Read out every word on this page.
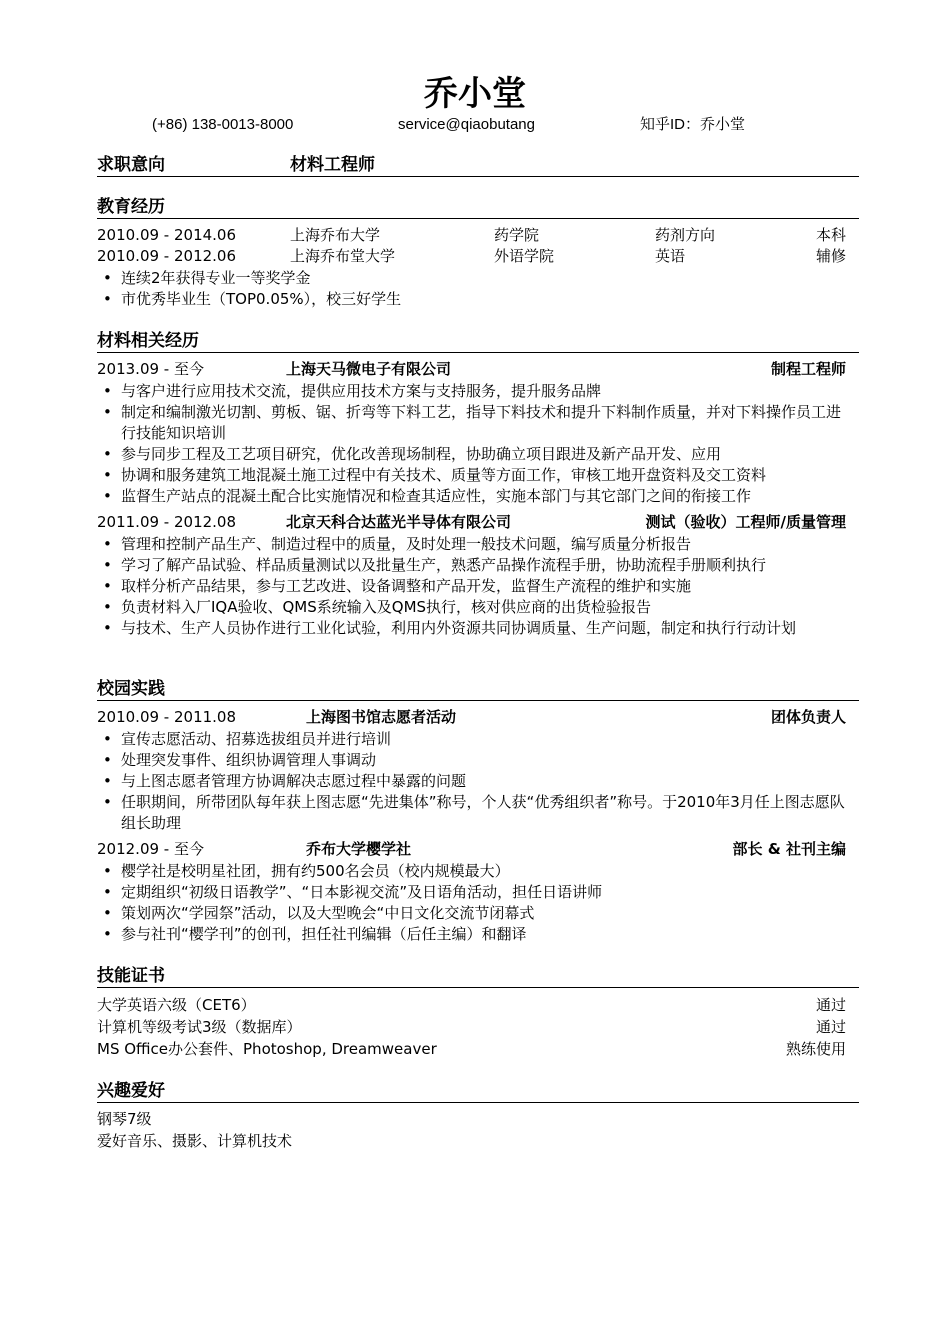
乔小堂
(+86) 138-0013-8000	service@qiaobutang	知乎ID：乔小堂
求职意向	材料工程师
教育经历
2010.09 - 2014.06	上海乔布大学	药学院	药剂方向	本科
2010.09 - 2012.06	上海乔布堂大学	外语学院	英语	辅修
• 连续2年获得专业一等奖学金
• 市优秀毕业生（TOP0.05%），校三好学生
材料相关经历
2013.09 - 至今	上海天马微电子有限公司	制程工程师
• 与客户进行应用技术交流，提供应用技术方案与支持服务，提升服务品牌
• 制定和编制激光切割、剪板、锯、折弯等下料工艺，指导下料技术和提升下料制作质量，并对下料操作员工进行技能知识培训
• 参与同步工程及工艺项目研究，优化改善现场制程，协助确立项目跟进及新产品开发、应用
• 协调和服务建筑工地混凝土施工过程中有关技术、质量等方面工作，审核工地开盘资料及交工资料
• 监督生产站点的混凝土配合比实施情况和检查其适应性，实施本部门与其它部门之间的衔接工作
2011.09 - 2012.08	北京天科合达蓝光半导体有限公司	测试（验收）工程师/质量管理
• 管理和控制产品生产、制造过程中的质量，及时处理一般技术问题，编写质量分析报告
• 学习了解产品试验、样品质量测试以及批量生产，熟悉产品操作流程手册，协助流程手册顺利执行
• 取样分析产品结果，参与工艺改进、设备调整和产品开发，监督生产流程的维护和实施
• 负责材料入厂IQA验收、QMS系统输入及QMS执行，核对供应商的出货检验报告
• 与技术、生产人员协作进行工业化试验，利用内外资源共同协调质量、生产问题，制定和执行行动计划
校园实践
2010.09 - 2011.08	上海图书馆志愿者活动	团体负责人
• 宣传志愿活动、招募选拔组员并进行培训
• 处理突发事件、组织协调管理人事调动
• 与上图志愿者管理方协调解决志愿过程中暴露的问题
• 任职期间，所带团队每年获上图志愿“先进集体”称号，个人获“优秀组织者”称号。于2010年3月任上图志愿队组长助理
2012.09 - 至今	乔布大学樱学社	部长 & 社刊主编
• 樱学社是校明星社团，拥有约500名会员（校内规模最大）
• 定期组织“初级日语教学”、“日本影视交流”及日语角活动，担任日语讲师
• 策划两次“学园祭”活动，以及大型晚会“中日文化交流节闭幕式
• 参与社刊“樱学刊”的创刊，担任社刊编辑（后任主编）和翻译
技能证书
大学英语六级（CET6）	通过
计算机等级考试3级（数据库）	通过
MS Office办公套件、Photoshop, Dreamweaver	熟练使用
兴趣爱好
钢琴7级
爱好音乐、摄影、计算机技术
